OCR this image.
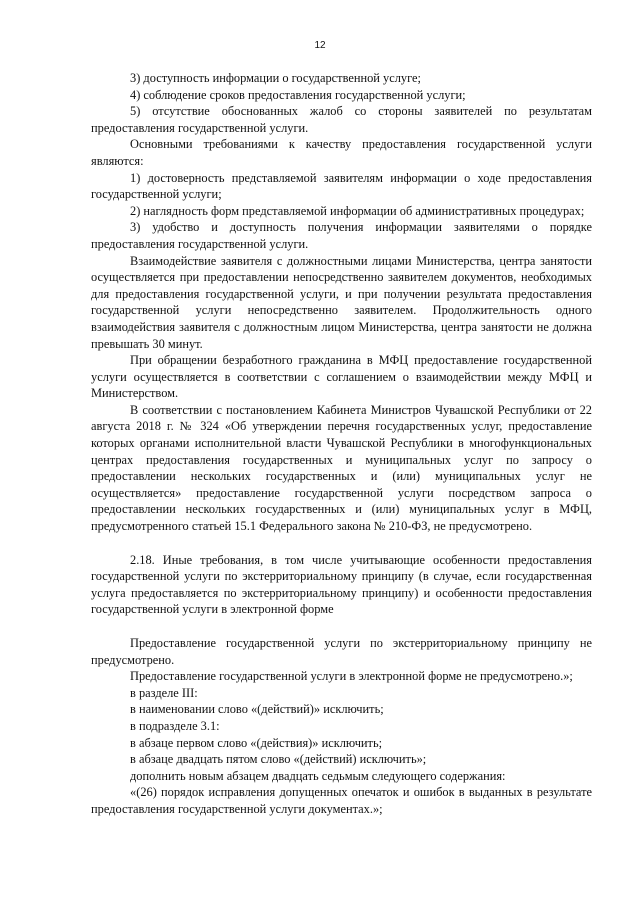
12

3) доступность информации о государственной услуге;

4) соблюдение сроков предоставления государственной услуги;

5) отсутствие обоснованных жалоб со стороны заявителей по результатам предоставления государственной услуги.

Основными требованиями к качеству предоставления государственной услуги являются:

1) достоверность представляемой заявителям информации о ходе предоставления государственной услуги;

2) наглядность форм представляемой информации об административных процедурах;

3) удобство и доступность получения информации заявителями о порядке предоставления государственной услуги.

Взаимодействие заявителя с должностными лицами Министерства, центра занятости осуществляется при предоставлении непосредственно заявителем документов, необходимых для предоставления государственной услуги, и при получении результата предоставления государственной услуги непосредственно заявителем. Продолжительность одного взаимодействия заявителя с должностным лицом Министерства, центра занятости не должна превышать 30 минут.

При обращении безработного гражданина в МФЦ предоставление государственной услуги осуществляется в соответствии с соглашением о взаимодействии между МФЦ и Министерством.

В соответствии с постановлением Кабинета Министров Чувашской Республики от 22 августа 2018 г. № 324 «Об утверждении перечня государственных услуг, предоставление которых органами исполнительной власти Чувашской Республики в многофункциональных центрах предоставления государственных и муниципальных услуг по запросу о предоставлении нескольких государственных и (или) муниципальных услуг не осуществляется» предоставление государственной услуги посредством запроса о предоставлении нескольких государственных и (или) муниципальных услуг в МФЦ, предусмотренного статьей 15.1 Федерального закона № 210-ФЗ, не предусмотрено.

2.18. Иные требования, в том числе учитывающие особенности предоставления государственной услуги по экстерриториальному принципу (в случае, если государственная услуга предоставляется по экстерриториальному принципу) и особенности предоставления государственной услуги в электронной форме

Предоставление государственной услуги по экстерриториальному принципу не предусмотрено.

Предоставление государственной услуги в электронной форме не предусмотрено.»;

в разделе III:

в наименовании слово «(действий)» исключить;

в подразделе 3.1:

в абзаце первом слово «(действия)» исключить;

в абзаце двадцать пятом слово «(действий) исключить»;

дополнить новым абзацем двадцать седьмым следующего содержания:

«(26) порядок исправления допущенных опечаток и ошибок в выданных в результате предоставления государственной услуги документах.»;
